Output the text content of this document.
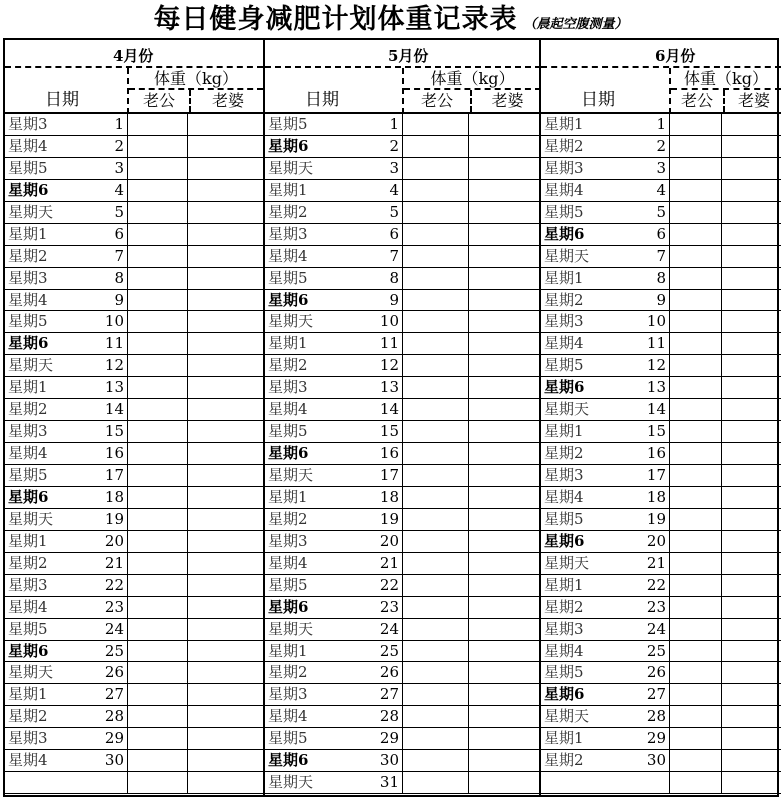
每日健身减肥计划体重记录表 （晨起空腹测量）
4月份
日期
体重（kg）
老公	老婆
星期3	1
星期4	2
星期5	3
星期6	4
星期天	5
星期1	6
星期2	7
星期3	8
星期4	9
星期5	10
星期6	11
星期天	12
星期1	13
星期2	14
星期3	15
星期4	16
星期5	17
星期6	18
星期天	19
星期1	20
星期2	21
星期3	22
星期4	23
星期5	24
星期6	25
星期天	26
星期1	27
星期2	28
星期3	29
星期4	30
5月份
日期
体重（kg）
老公	老婆
星期5	1
星期6	2
星期天	3
星期1	4
星期2	5
星期3	6
星期4	7
星期5	8
星期6	9
星期天	10
星期1	11
星期2	12
星期3	13
星期4	14
星期5	15
星期6	16
星期天	17
星期1	18
星期2	19
星期3	20
星期4	21
星期5	22
星期6	23
星期天	24
星期1	25
星期2	26
星期3	27
星期4	28
星期5	29
星期6	30
星期天	31
6月份
日期
体重（kg）
老公	老婆
星期1	1
星期2	2
星期3	3
星期4	4
星期5	5
星期6	6
星期天	7
星期1	8
星期2	9
星期3	10
星期4	11
星期5	12
星期6	13
星期天	14
星期1	15
星期2	16
星期3	17
星期4	18
星期5	19
星期6	20
星期天	21
星期1	22
星期2	23
星期3	24
星期4	25
星期5	26
星期6	27
星期天	28
星期1	29
星期2	30
